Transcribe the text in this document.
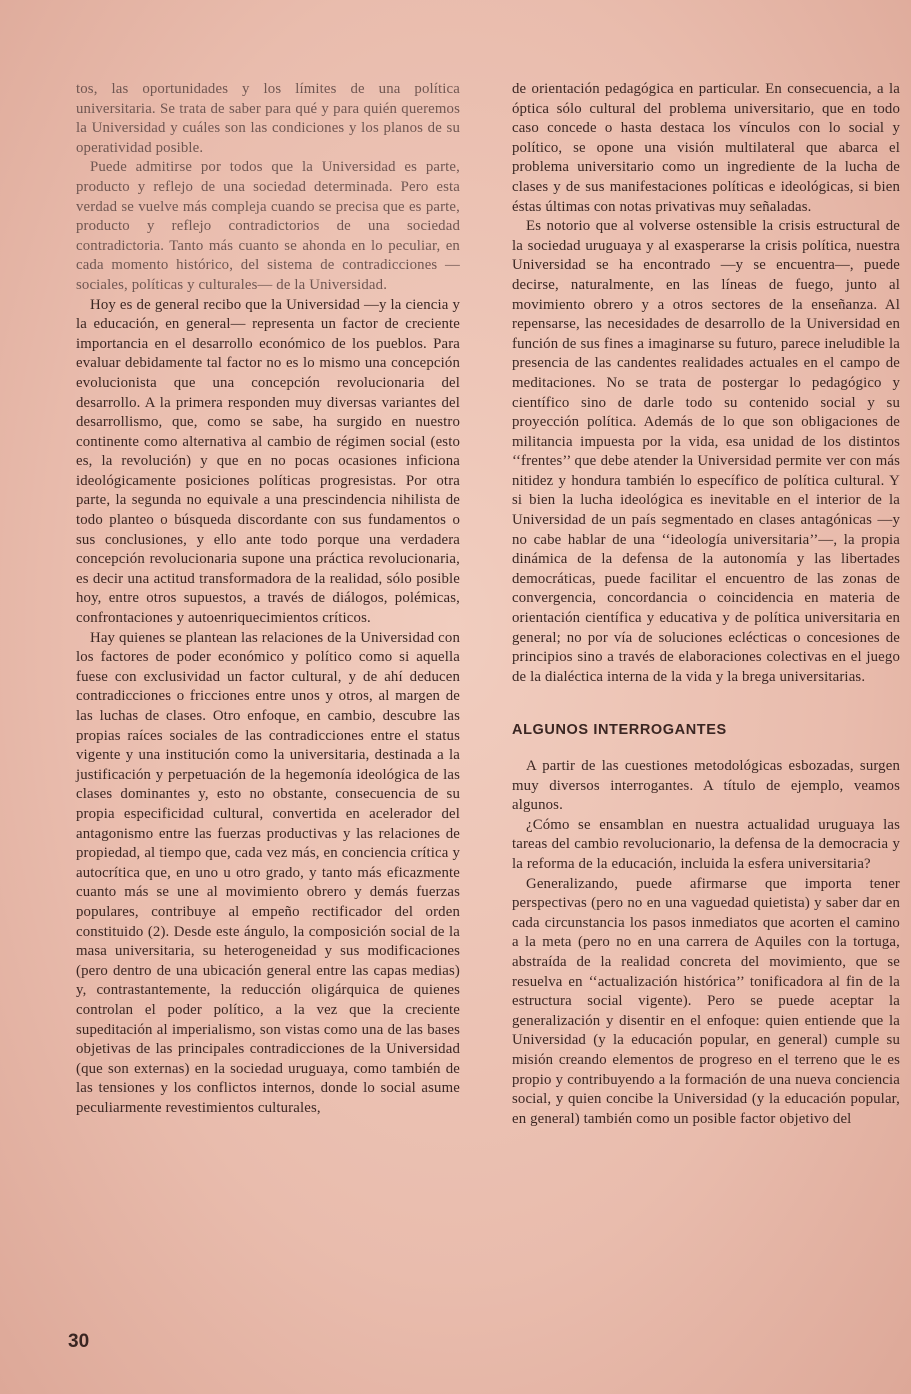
tos, las oportunidades y los límites de una política universitaria. Se trata de saber para qué y para quién queremos la Universidad y cuáles son las condiciones y los planos de su operatividad posible.

Puede admitirse por todos que la Universidad es parte, producto y reflejo de una sociedad determinada. Pero esta verdad se vuelve más compleja cuando se precisa que es parte, producto y reflejo contradictorios de una sociedad contradictoria. Tanto más cuanto se ahonda en lo peculiar, en cada momento histórico, del sistema de contradicciones —sociales, políticas y culturales— de la Universidad.

Hoy es de general recibo que la Universidad —y la ciencia y la educación, en general— representa un factor de creciente importancia en el desarrollo económico de los pueblos. Para evaluar debidamente tal factor no es lo mismo una concepción evolucionista que una concepción revolucionaria del desarrollo. A la primera responden muy diversas variantes del desarrollismo, que, como se sabe, ha surgido en nuestro continente como alternativa al cambio de régimen social (esto es, la revolución) y que en no pocas ocasiones inficiona ideológicamente posiciones políticas progresistas. Por otra parte, la segunda no equivale a una prescindencia nihilista de todo planteo o búsqueda discordante con sus fundamentos o sus conclusiones, y ello ante todo porque una verdadera concepción revolucionaria supone una práctica revolucionaria, es decir una actitud transformadora de la realidad, sólo posible hoy, entre otros supuestos, a través de diálogos, polémicas, confrontaciones y autoenriquecimientos críticos.

Hay quienes se plantean las relaciones de la Universidad con los factores de poder económico y político como si aquella fuese con exclusividad un factor cultural, y de ahí deducen contradicciones o fricciones entre unos y otros, al margen de las luchas de clases. Otro enfoque, en cambio, descubre las propias raíces sociales de las contradicciones entre el status vigente y una institución como la universitaria, destinada a la justificación y perpetuación de la hegemonía ideológica de las clases dominantes y, esto no obstante, consecuencia de su propia especificidad cultural, convertida en acelerador del antagonismo entre las fuerzas productivas y las relaciones de propiedad, al tiempo que, cada vez más, en conciencia crítica y autocrítica que, en uno u otro grado, y tanto más eficazmente cuanto más se une al movimiento obrero y demás fuerzas populares, contribuye al empeño rectificador del orden constituido (2). Desde este ángulo, la composición social de la masa universitaria, su heterogeneidad y sus modificaciones (pero dentro de una ubicación general entre las capas medias) y, contrastantemente, la reducción oligárquica de quienes controlan el poder político, a la vez que la creciente supeditación al imperialismo, son vistas como una de las bases objetivas de las principales contradicciones de la Universidad (que son externas) en la sociedad uruguaya, como también de las tensiones y los conflictos internos, donde lo social asume peculiarmente revestimientos culturales,

de orientación pedagógica en particular. En consecuencia, a la óptica sólo cultural del problema universitario, que en todo caso concede o hasta destaca los vínculos con lo social y político, se opone una visión multilateral que abarca el problema universitario como un ingrediente de la lucha de clases y de sus manifestaciones políticas e ideológicas, si bien éstas últimas con notas privativas muy señaladas.

Es notorio que al volverse ostensible la crisis estructural de la sociedad uruguaya y al exasperarse la crisis política, nuestra Universidad se ha encontrado —y se encuentra—, puede decirse, naturalmente, en las líneas de fuego, junto al movimiento obrero y a otros sectores de la enseñanza. Al repensarse, las necesidades de desarrollo de la Universidad en función de sus fines a imaginarse su futuro, parece ineludible la presencia de las candentes realidades actuales en el campo de meditaciones. No se trata de postergar lo pedagógico y científico sino de darle todo su contenido social y su proyección política. Además de lo que son obligaciones de militancia impuesta por la vida, esa unidad de los distintos ‘‘frentes’’ que debe atender la Universidad permite ver con más nitidez y hondura también lo específico de política cultural. Y si bien la lucha ideológica es inevitable en el interior de la Universidad de un país segmentado en clases antagónicas —y no cabe hablar de una ‘‘ideología universitaria’’—, la propia dinámica de la defensa de la autonomía y las libertades democráticas, puede facilitar el encuentro de las zonas de convergencia, concordancia o coincidencia en materia de orientación científica y educativa y de política universitaria en general; no por vía de soluciones eclécticas o concesiones de principios sino a través de elaboraciones colectivas en el juego de la dialéctica interna de la vida y la brega universitarias.

ALGUNOS INTERROGANTES

A partir de las cuestiones metodológicas esbozadas, surgen muy diversos interrogantes. A título de ejemplo, veamos algunos.

¿Cómo se ensamblan en nuestra actualidad uruguaya las tareas del cambio revolucionario, la defensa de la democracia y la reforma de la educación, incluida la esfera universitaria?

Generalizando, puede afirmarse que importa tener perspectivas (pero no en una vaguedad quietista) y saber dar en cada circunstancia los pasos inmediatos que acorten el camino a la meta (pero no en una carrera de Aquiles con la tortuga, abstraída de la realidad concreta del movimiento, que se resuelva en ‘‘actualización histórica’’ tonificadora al fin de la estructura social vigente). Pero se puede aceptar la generalización y disentir en el enfoque: quien entiende que la Universidad (y la educación popular, en general) cumple su misión creando elementos de progreso en el terreno que le es propio y contribuyendo a la formación de una nueva conciencia social, y quien concibe la Universidad (y la educación popular, en general) también como un posible factor objetivo del

30
